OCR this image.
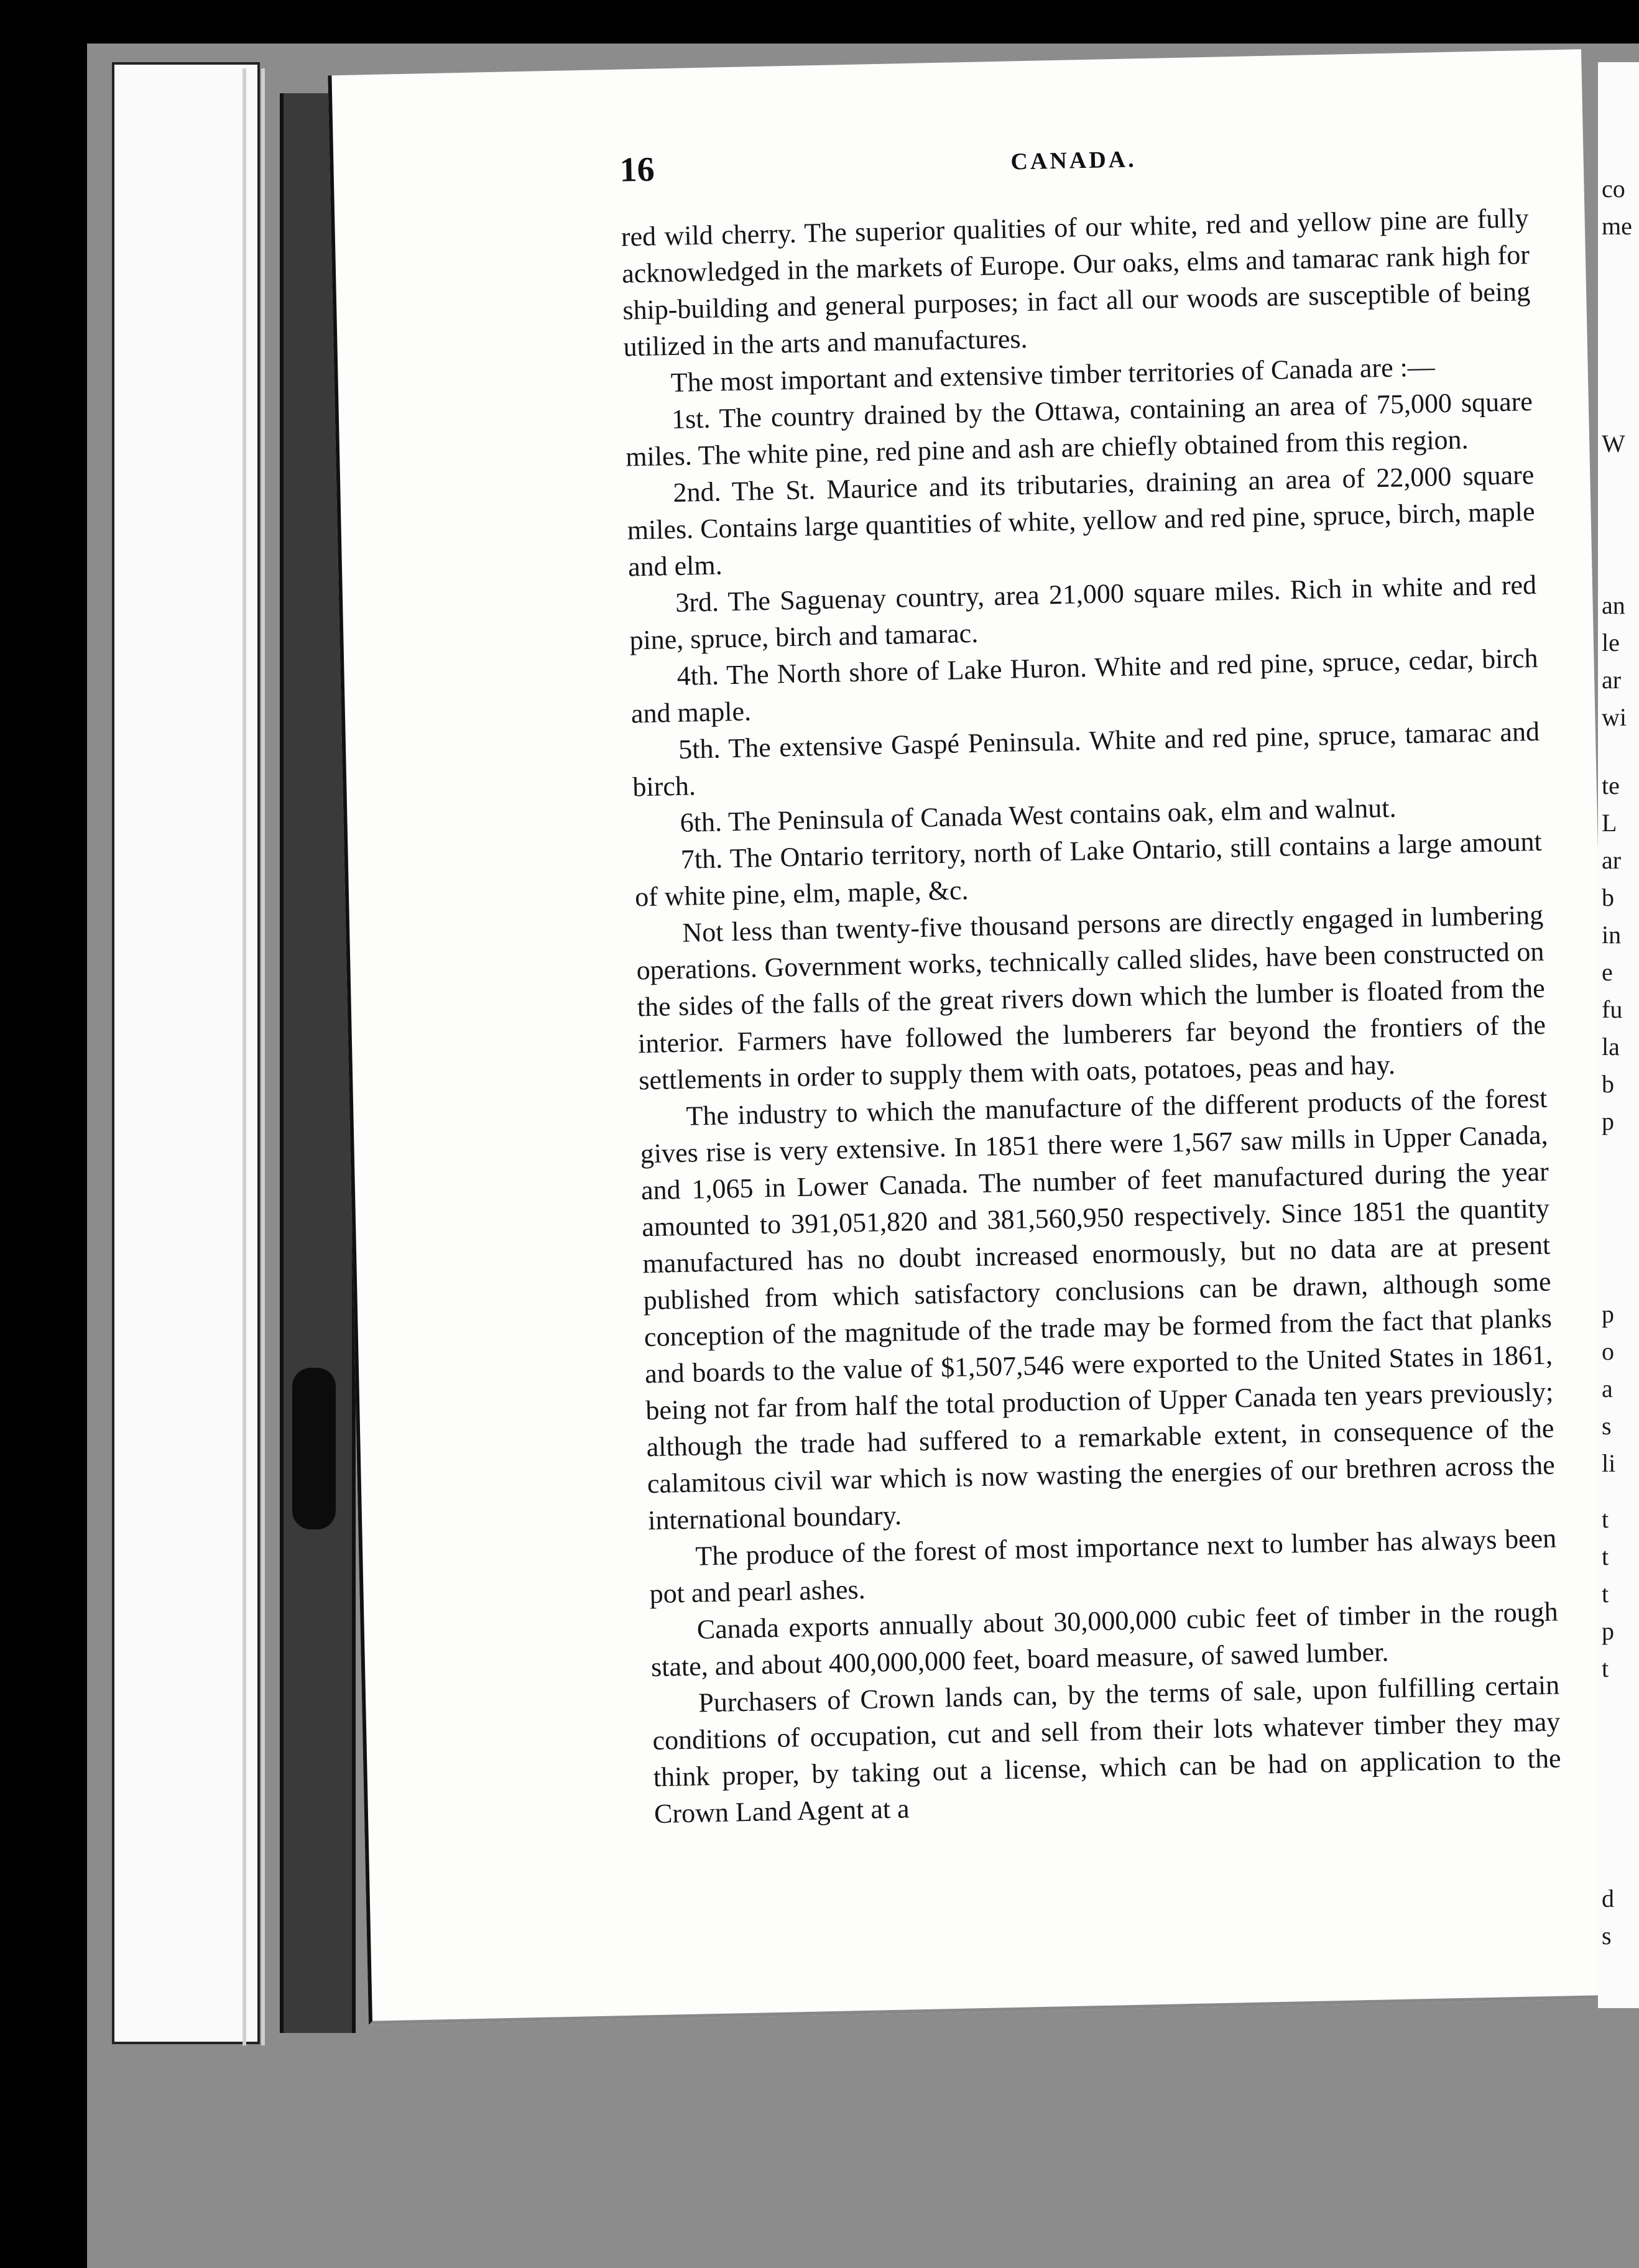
16	CANADA.

red wild cherry. The superior qualities of our white, red and yellow pine are fully acknowledged in the markets of Europe. Our oaks, elms and tamarac rank high for ship-building and general purposes; in fact all our woods are susceptible of being utilized in the arts and manufactures.

The most important and extensive timber territories of Canada are :—

1st. The country drained by the Ottawa, containing an area of 75,000 square miles. The white pine, red pine and ash are chiefly obtained from this region.

2nd. The St. Maurice and its tributaries, draining an area of 22,000 square miles. Contains large quantities of white, yellow and red pine, spruce, birch, maple and elm.

3rd. The Saguenay country, area 21,000 square miles. Rich in white and red pine, spruce, birch and tamarac.

4th. The North shore of Lake Huron. White and red pine, spruce, cedar, birch and maple.

5th. The extensive Gaspé Peninsula. White and red pine, spruce, tamarac and birch.

6th. The Peninsula of Canada West contains oak, elm and walnut.

7th. The Ontario territory, north of Lake Ontario, still contains a large amount of white pine, elm, maple, &c.

Not less than twenty-five thousand persons are directly engaged in lumbering operations. Government works, technically called slides, have been constructed on the sides of the falls of the great rivers down which the lumber is floated from the interior. Farmers have followed the lumberers far beyond the frontiers of the settlements in order to supply them with oats, potatoes, peas and hay.

The industry to which the manufacture of the different products of the forest gives rise is very extensive. In 1851 there were 1,567 saw mills in Upper Canada, and 1,065 in Lower Canada. The number of feet manufactured during the year amounted to 391,051,820 and 381,560,950 respectively. Since 1851 the quantity manufactured has no doubt increased enormously, but no data are at present published from which satisfactory conclusions can be drawn, although some conception of the magnitude of the trade may be formed from the fact that planks and boards to the value of $1,507,546 were exported to the United States in 1861, being not far from half the total production of Upper Canada ten years previously; although the trade had suffered to a remarkable extent, in consequence of the calamitous civil war which is now wasting the energies of our brethren across the international boundary.

The produce of the forest of most importance next to lumber has always been pot and pearl ashes.

Canada exports annually about 30,000,000 cubic feet of timber in the rough state, and about 400,000,000 feet, board measure, of sawed lumber.

Purchasers of Crown lands can, by the terms of sale, upon fulfilling certain conditions of occupation, cut and sell from their lots whatever timber they may think proper, by taking out a license, which can be had on application to the Crown Land Agent at a

co
me
W
an
le
ar
wi
te
L
ar
b
in
e
fu
la
b
p
p
o
a
s
li
t
t
t
p
t
d
s
